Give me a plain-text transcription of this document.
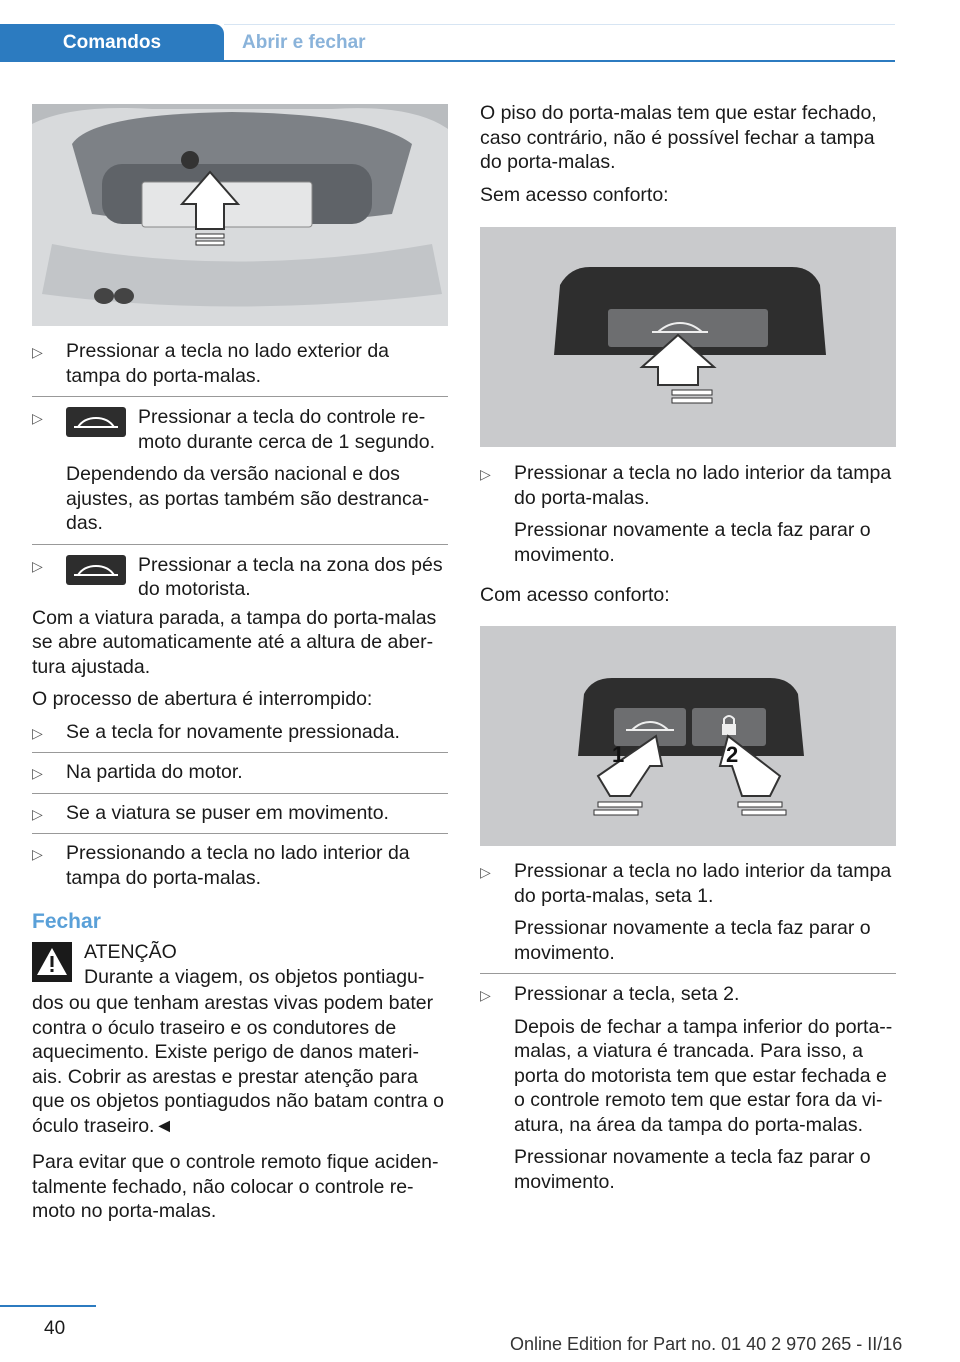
Comandos	Abrir e fechar
▷	Pressionar a tecla no lado exterior da tampa do porta-malas.

▷	Pressionar a tecla do controle re-moto durante cerca de 1 segundo.

Dependendo da versão nacional e dos ajustes, as portas também são destranca-das.

▷	Pressionar a tecla na zona dos pés do motorista.

Com a viatura parada, a tampa do porta-malas se abre automaticamente até a altura de aber-tura ajustada.

O processo de abertura é interrompido:

▷	Se a tecla for novamente pressionada.

▷	Na partida do motor.

▷	Se a viatura se puser em movimento.

▷	Pressionando a tecla no lado interior da tampa do porta-malas.

Fechar

ATENÇÃO

Durante a viagem, os objetos pontiagu-

dos ou que tenham arestas vivas podem bater contra o óculo traseiro e os condutores de aquecimento. Existe perigo de danos materi-ais. Cobrir as arestas e prestar atenção para que os objetos pontiagudos não batam contra o óculo traseiro.◄

Para evitar que o controle remoto fique aciden-talmente fechado, não colocar o controle re-moto no porta-malas.

O piso do porta-malas tem que estar fechado, caso contrário, não é possível fechar a tampa do porta-malas.

Sem acesso conforto:

▷	Pressionar a tecla no lado interior da tampa do porta-malas.

Pressionar novamente a tecla faz parar o movimento.

Com acesso conforto:

1	2
▷	Pressionar a tecla no lado interior da tampa do porta-malas, seta 1.

Pressionar novamente a tecla faz parar o movimento.

▷	Pressionar a tecla, seta 2.

Depois de fechar a tampa inferior do porta--malas, a viatura é trancada. Para isso, a porta do motorista tem que estar fechada e o controle remoto tem que estar fora da vi-atura, na área da tampa do porta-malas.

Pressionar novamente a tecla faz parar o movimento.

40
Online Edition for Part no. 01 40 2 970 265 - II/16
